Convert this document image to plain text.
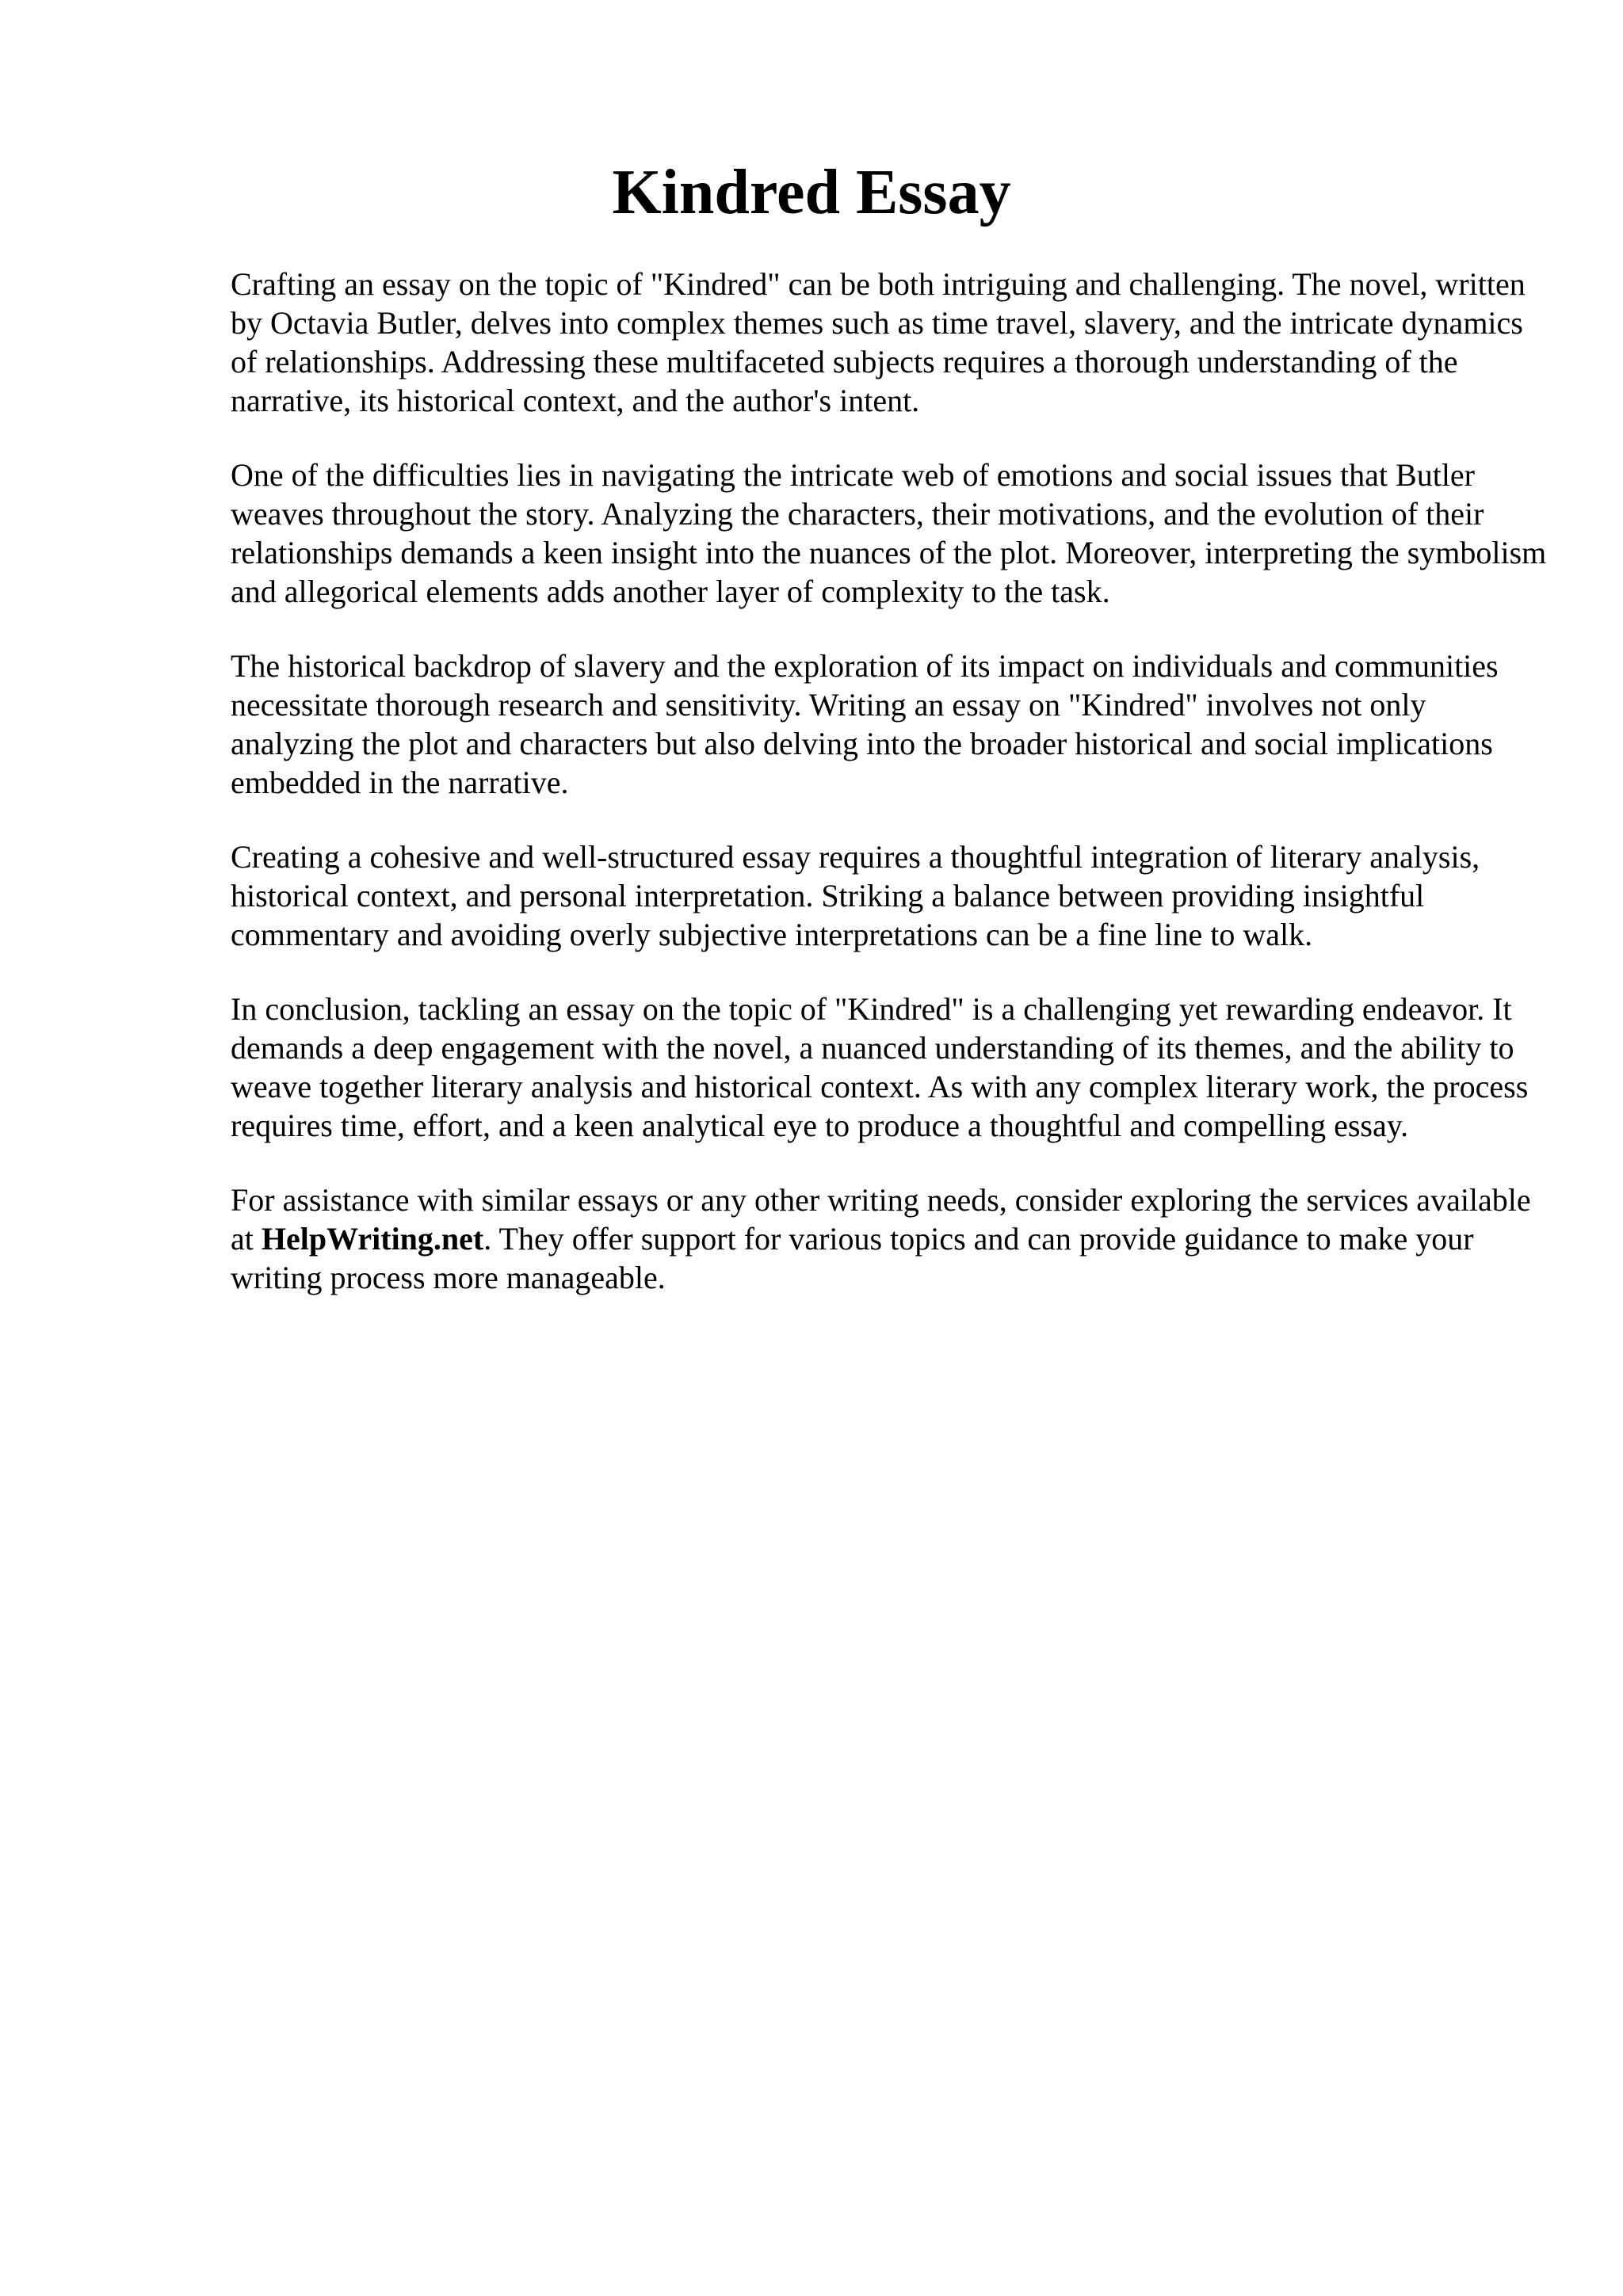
Kindred Essay

Crafting an essay on the topic of "Kindred" can be both intriguing and challenging. The novel, written by Octavia Butler, delves into complex themes such as time travel, slavery, and the intricate dynamics of relationships. Addressing these multifaceted subjects requires a thorough understanding of the narrative, its historical context, and the author's intent.

One of the difficulties lies in navigating the intricate web of emotions and social issues that Butler weaves throughout the story. Analyzing the characters, their motivations, and the evolution of their relationships demands a keen insight into the nuances of the plot. Moreover, interpreting the symbolism and allegorical elements adds another layer of complexity to the task.

The historical backdrop of slavery and the exploration of its impact on individuals and communities necessitate thorough research and sensitivity. Writing an essay on "Kindred" involves not only analyzing the plot and characters but also delving into the broader historical and social implications embedded in the narrative.

Creating a cohesive and well-structured essay requires a thoughtful integration of literary analysis, historical context, and personal interpretation. Striking a balance between providing insightful commentary and avoiding overly subjective interpretations can be a fine line to walk.

In conclusion, tackling an essay on the topic of "Kindred" is a challenging yet rewarding endeavor. It demands a deep engagement with the novel, a nuanced understanding of its themes, and the ability to weave together literary analysis and historical context. As with any complex literary work, the process requires time, effort, and a keen analytical eye to produce a thoughtful and compelling essay.

For assistance with similar essays or any other writing needs, consider exploring the services available at HelpWriting.net. They offer support for various topics and can provide guidance to make your writing process more manageable.
